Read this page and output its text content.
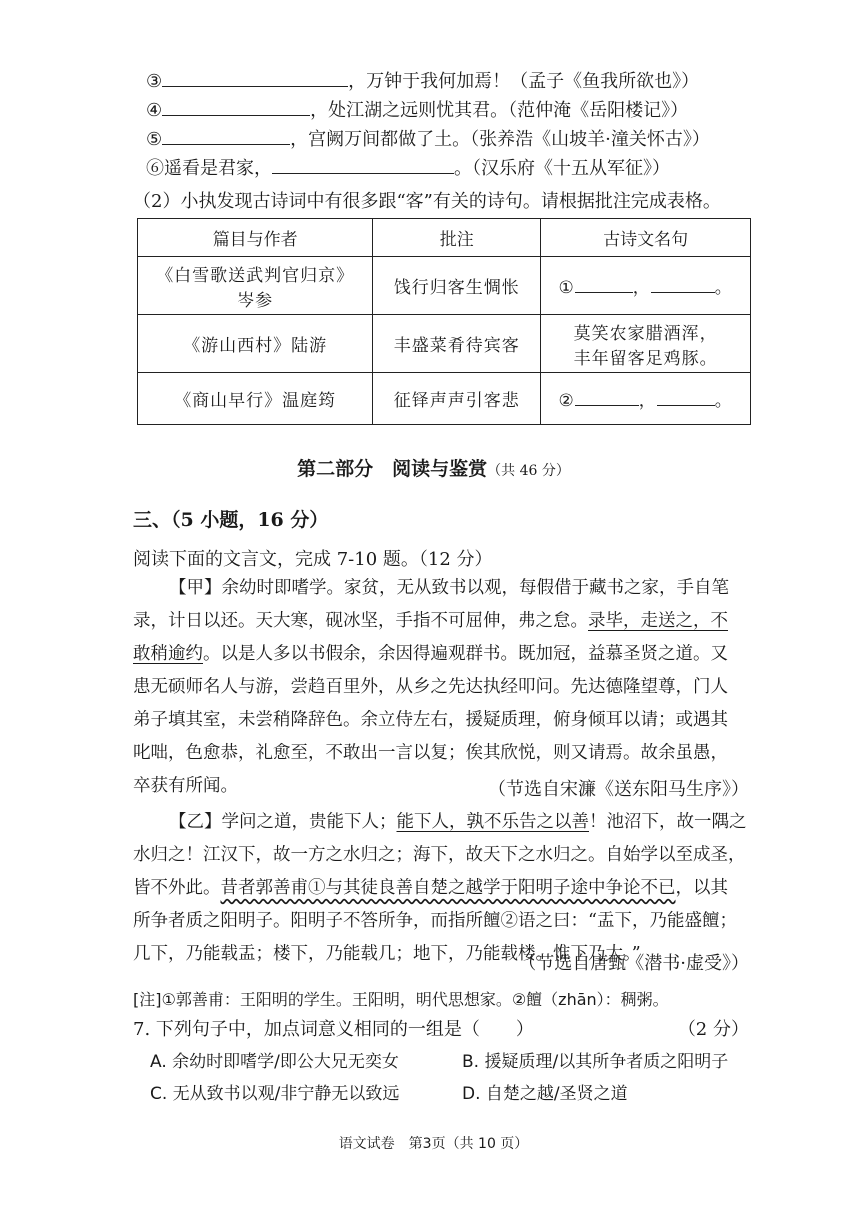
③	，万钟于我何加焉！（孟子《鱼我所欲也》）
④	，处江湖之远则忧其君。（范仲淹《岳阳楼记》）
⑤	，宫阙万间都做了土。（张养浩《山坡羊·潼关怀古》）
⑥遥看是君家，	。（汉乐府《十五从军征》）
（2）小执发现古诗词中有很多跟“客”有关的诗句。请根据批注完成表格。
篇目与作者	批注	古诗文名句

《白雪歌送武判官归京》
岑参	饯行归客生惆怅	① ， 。
《游山西村》陆游	丰盛菜肴待宾客	莫笑农家腊酒浑，
丰年留客足鸡豚。

《商山早行》温庭筠	征铎声声引客悲	② ， 。
第二部分　阅读与鉴赏（共 46 分）
三、（5 小题，16 分）
阅读下面的文言文，完成 7-10 题。（12 分）
【甲】余幼时即嗜学。家贫，无从致书以观，每假借于藏书之家，手自笔
录，计日以还。天大寒，砚冰坚，手指不可屈伸，弗之怠。录毕，走送之，不
敢稍逾约。以是人多以书假余，余因得遍观群书。既加冠，益慕圣贤之道。又
患无硕师名人与游，尝趋百里外，从乡之先达执经叩问。先达德隆望尊，门人
弟子填其室，未尝稍降辞色。余立侍左右，援疑质理，俯身倾耳以请；或遇其
叱咄，色愈恭，礼愈至，不敢出一言以复；俟其欣悦，则又请焉。故余虽愚，
卒获有所闻。	（节选自宋濂《送东阳马生序》）
【乙】学问之道，贵能下人；能下人，孰不乐告之以善！池沼下，故一隅之
水归之！江汉下，故一方之水归之；海下，故天下之水归之。自始学以至成圣，
皆不外此。昔者郭善甫①与其徒良善自楚之越学于阳明子途中争论不已，以其
所争者质之阳明子。阳明子不答所争，而指所饘②语之曰：“盂下，乃能盛饘；
几下，乃能载盂；楼下，乃能载几；地下，乃能载楼。惟下乃大。”
（节选自唐甄《潜书·虚受》）
[注]①郭善甫：王阳明的学生。王阳明，明代思想家。②饘（zhān）：稠粥。
7. 下列句子中，加点词意义相同的一组是（　　）	（2 分）
A. 余幼时即嗜学/即公大兄无奕女	B. 援疑质理/以其所争者质之阳明子
C. 无从致书以观/非宁静无以致远	D. 自楚之越/圣贤之道
语文试卷　第3页（共 10 页）
